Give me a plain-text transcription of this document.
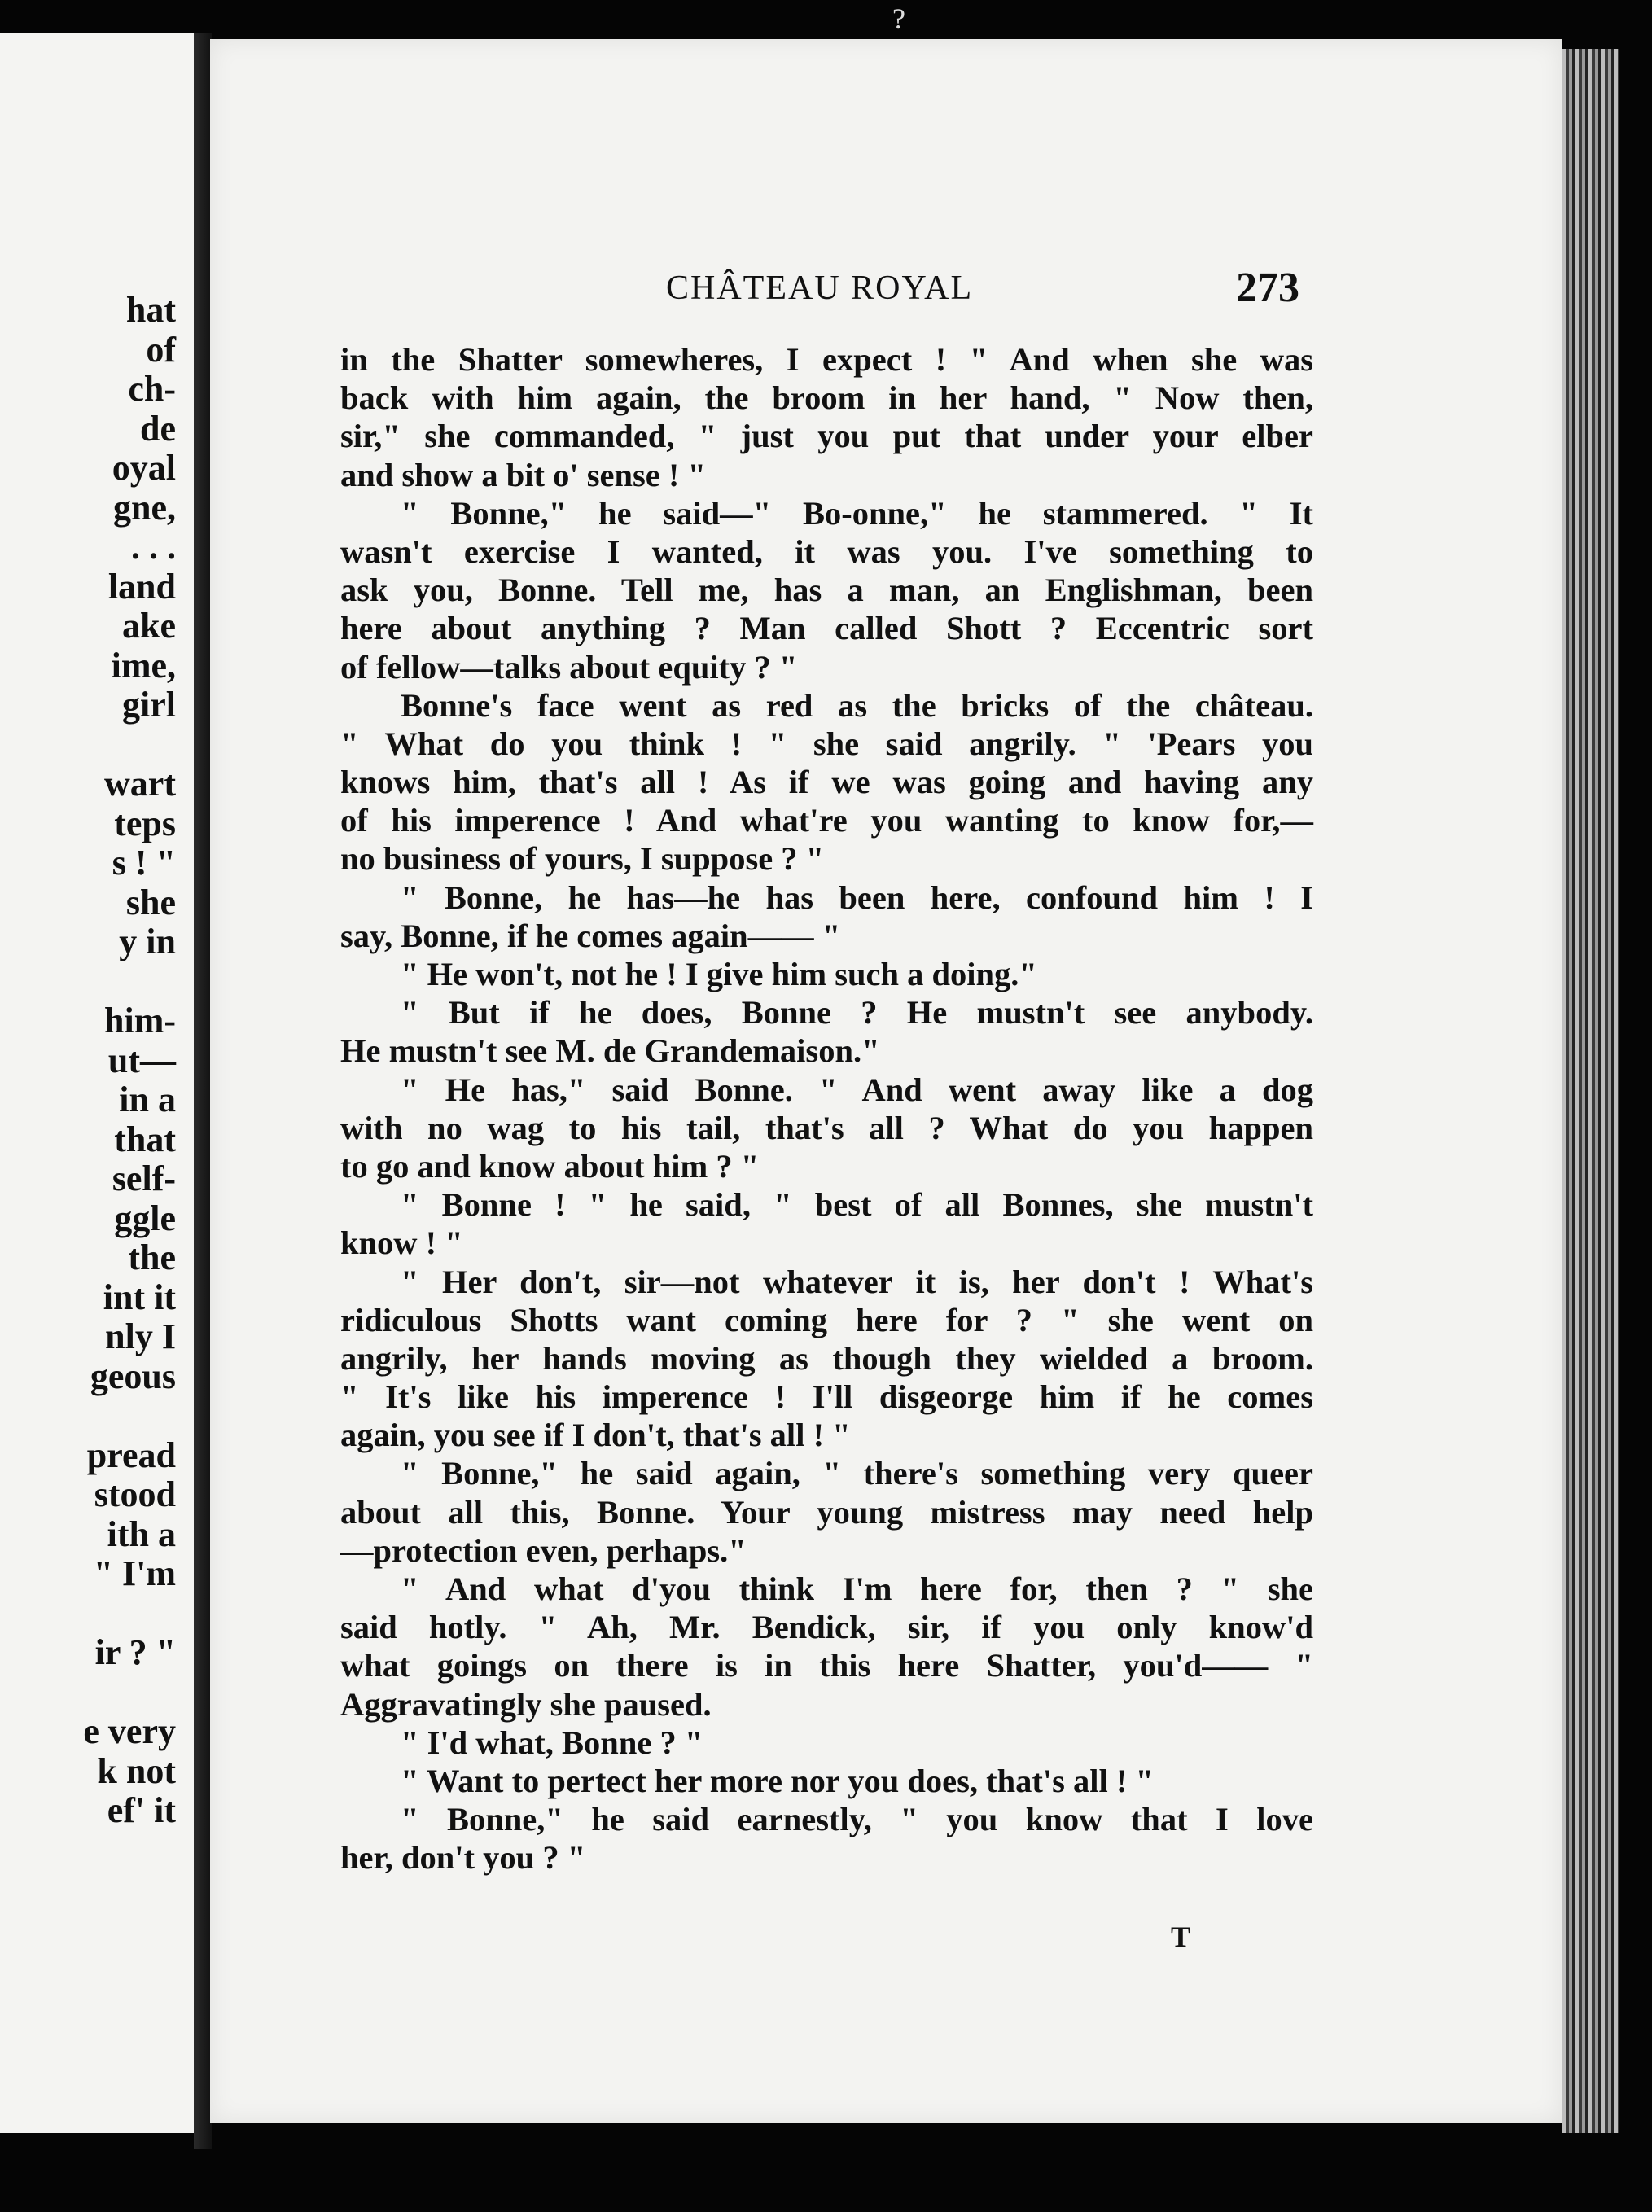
?
hat
of
ch-
de
oyal
gne,
. . .
land
ake
ime,
girl
wart
teps
s ! "
she
y in
him-
ut—
in a
that
self-
ggle
the
int it
nly I
geous
pread
stood
ith a
" I'm
ir ? "
e very
k not
ef' it
CHÂTEAU ROYAL	273
in the Shatter somewheres, I expect ! " And when she was
back with him again, the broom in her hand, " Now then,
sir," she commanded, " just you put that under your elber
and show a bit o' sense ! "
" Bonne," he said—" Bo-onne," he stammered. " It
wasn't exercise I wanted, it was you. I've something to
ask you, Bonne. Tell me, has a man, an Englishman, been
here about anything ? Man called Shott ? Eccentric sort
of fellow—talks about equity ? "
Bonne's face went as red as the bricks of the château.
" What do you think ! " she said angrily. " 'Pears you
knows him, that's all ! As if we was going and having any
of his imperence ! And what're you wanting to know for,—
no business of yours, I suppose ? "
" Bonne, he has—he has been here, confound him ! I
say, Bonne, if he comes again—— "
" He won't, not he ! I give him such a doing."
" But if he does, Bonne ? He mustn't see anybody.
He mustn't see M. de Grandemaison."
" He has," said Bonne. " And went away like a dog
with no wag to his tail, that's all ? What do you happen
to go and know about him ? "
" Bonne ! " he said, " best of all Bonnes, she mustn't
know ! "
" Her don't, sir—not whatever it is, her don't ! What's
ridiculous Shotts want coming here for ? " she went on
angrily, her hands moving as though they wielded a broom.
" It's like his imperence ! I'll disgeorge him if he comes
again, you see if I don't, that's all ! "
" Bonne," he said again, " there's something very queer
about all this, Bonne. Your young mistress may need help
—protection even, perhaps."
" And what d'you think I'm here for, then ? " she
said hotly. " Ah, Mr. Bendick, sir, if you only know'd
what goings on there is in this here Shatter, you'd—— "
Aggravatingly she paused.
" I'd what, Bonne ? "
" Want to pertect her more nor you does, that's all ! "
" Bonne," he said earnestly, " you know that I love
her, don't you ? "
T
